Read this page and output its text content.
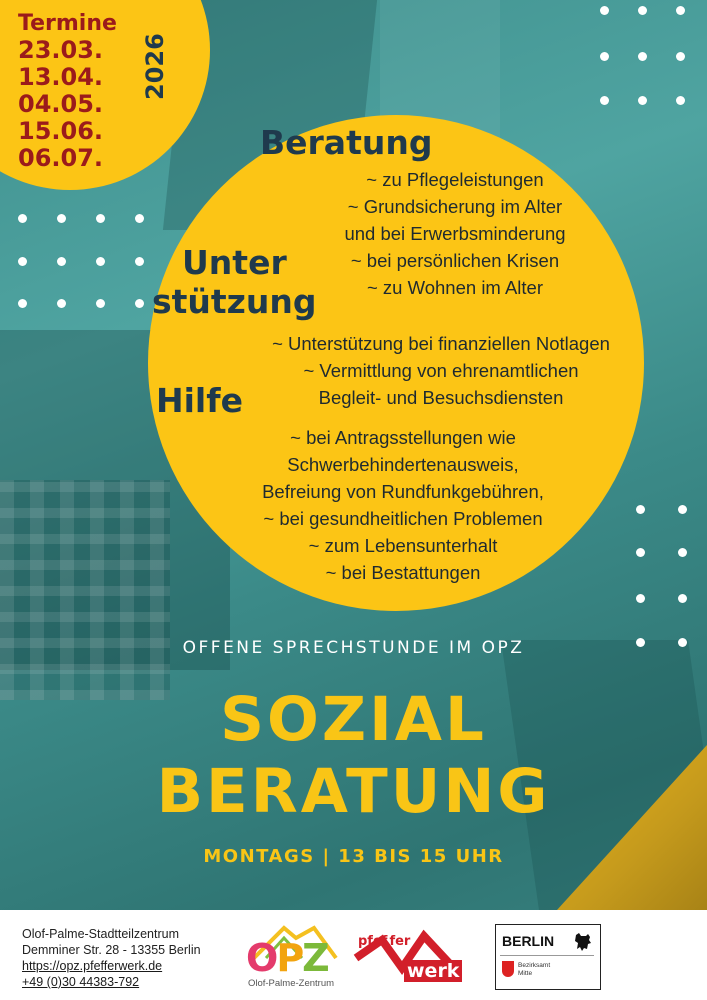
Termine
23.03.
13.04.
04.05.
15.06.
06.07.
2026
Beratung
~ zu Pflegeleistungen
~ Grundsicherung im Alter
und bei Erwerbsminderung
~ bei persönlichen Krisen
~ zu Wohnen im Alter
Unter
stützung
~ Unterstützung bei finanziellen Notlagen
~ Vermittlung von ehrenamtlichen
Begleit- und Besuchsdiensten
Hilfe
~ bei Antragsstellungen wie
Schwerbehindertenausweis,
Befreiung von Rundfunkgebühren,
~ bei gesundheitlichen Problemen
~ zum Lebensunterhalt
~ bei Bestattungen
OFFENE SPRECHSTUNDE IM OPZ
SOZIAL
BERATUNG
MONTAGS | 13 BIS 15 UHR
Olof-Palme-Stadtteilzentrum
Demminer Str. 28 - 13355 Berlin
https://opz.pfefferwerk.de
+49 (0)30 44383-792
OPZ
Olof-Palme-Zentrum
pfef fer
werk
BERLIN
Bezirksamt
Mitte
